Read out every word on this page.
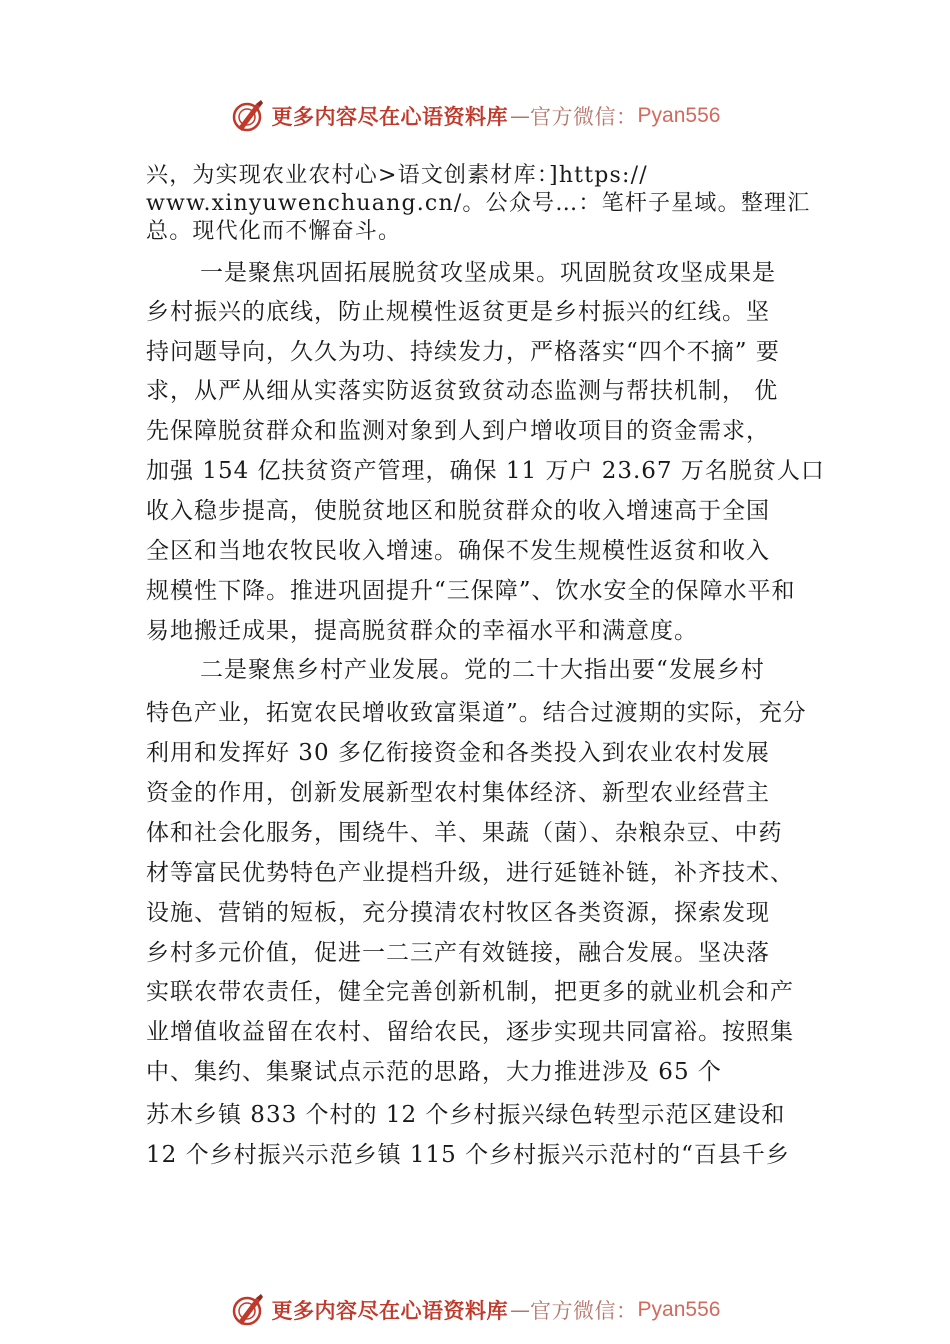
更多内容尽在心语资料库 — 官方微信： Pyan556
兴，为实现农业农村心>语文创素材库：]https://
www.xinyuwenchuang.cn/。公众号…：笔杆子星域。整理汇
总。现代化而不懈奋斗。
一是聚焦巩固拓展脱贫攻坚成果。巩固脱贫攻坚成果是
乡村振兴的底线，防止规模性返贫更是乡村振兴的红线。坚
持问题导向，久久为功、持续发力，严格落实“四个不摘” 要
求，从严从细从实落实防返贫致贫动态监测与帮扶机制， 优
先保障脱贫群众和监测对象到人到户增收项目的资金需求，
加强 154 亿扶贫资产管理，确保 11 万户 23.67 万名脱贫人口
收入稳步提高，使脱贫地区和脱贫群众的收入增速高于全国
全区和当地农牧民收入增速。确保不发生规模性返贫和收入
规模性下降。推进巩固提升“三保障”、饮水安全的保障水平和
易地搬迁成果，提高脱贫群众的幸福水平和满意度。
二是聚焦乡村产业发展。党的二十大指出要“发展乡村
特色产业，拓宽农民增收致富渠道”。结合过渡期的实际，充分
利用和发挥好 30 多亿衔接资金和各类投入到农业农村发展
资金的作用，创新发展新型农村集体经济、新型农业经营主
体和社会化服务，围绕牛、羊、果蔬（菌）、杂粮杂豆、中药
材等富民优势特色产业提档升级，进行延链补链，补齐技术、
设施、营销的短板，充分摸清农村牧区各类资源，探索发现
乡村多元价值，促进一二三产有效链接，融合发展。坚决落
实联农带农责任，健全完善创新机制，把更多的就业机会和产
业增值收益留在农村、留给农民，逐步实现共同富裕。按照集
中、集约、集聚试点示范的思路，大力推进涉及 65 个
苏木乡镇 833 个村的 12 个乡村振兴绿色转型示范区建设和
12 个乡村振兴示范乡镇 115 个乡村振兴示范村的“百县千乡
更多内容尽在心语资料库 — 官方微信： Pyan556
